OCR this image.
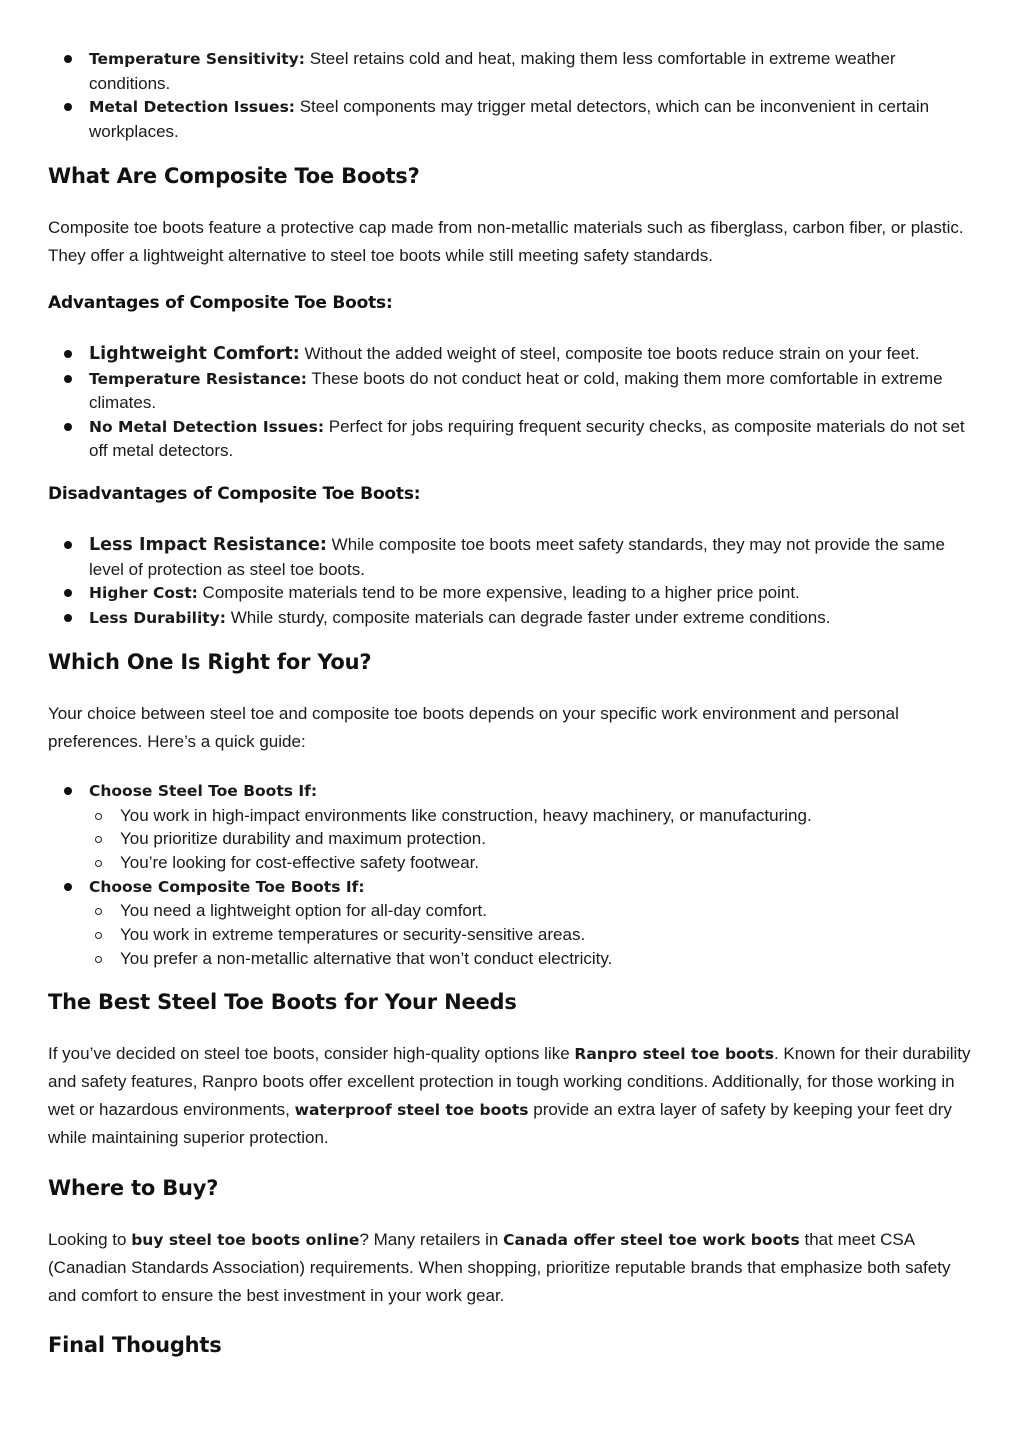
Temperature Sensitivity: Steel retains cold and heat, making them less comfortable in extreme weather conditions.
Metal Detection Issues: Steel components may trigger metal detectors, which can be inconvenient in certain workplaces.
What Are Composite Toe Boots?

Composite toe boots feature a protective cap made from non-metallic materials such as fiberglass, carbon fiber, or plastic. They offer a lightweight alternative to steel toe boots while still meeting safety standards.

Advantages of Composite Toe Boots:
Lightweight Comfort: Without the added weight of steel, composite toe boots reduce strain on your feet.
Temperature Resistance: These boots do not conduct heat or cold, making them more comfortable in extreme climates.
No Metal Detection Issues: Perfect for jobs requiring frequent security checks, as composite materials do not set off metal detectors.
Disadvantages of Composite Toe Boots:
Less Impact Resistance: While composite toe boots meet safety standards, they may not provide the same level of protection as steel toe boots.
Higher Cost: Composite materials tend to be more expensive, leading to a higher price point.
Less Durability: While sturdy, composite materials can degrade faster under extreme conditions.
Which One Is Right for You?

Your choice between steel toe and composite toe boots depends on your specific work environment and personal preferences. Here’s a quick guide:

Choose Steel Toe Boots If:
You work in high-impact environments like construction, heavy machinery, or manufacturing.
You prioritize durability and maximum protection.
You’re looking for cost-effective safety footwear.
Choose Composite Toe Boots If:
You need a lightweight option for all-day comfort.
You work in extreme temperatures or security-sensitive areas.
You prefer a non-metallic alternative that won’t conduct electricity.
The Best Steel Toe Boots for Your Needs

If you’ve decided on steel toe boots, consider high-quality options like Ranpro steel toe boots. Known for their durability and safety features, Ranpro boots offer excellent protection in tough working conditions. Additionally, for those working in wet or hazardous environments, waterproof steel toe boots provide an extra layer of safety by keeping your feet dry while maintaining superior protection.

Where to Buy?

Looking to buy steel toe boots online? Many retailers in Canada offer steel toe work boots that meet CSA (Canadian Standards Association) requirements. When shopping, prioritize reputable brands that emphasize both safety and comfort to ensure the best investment in your work gear.

Final Thoughts
